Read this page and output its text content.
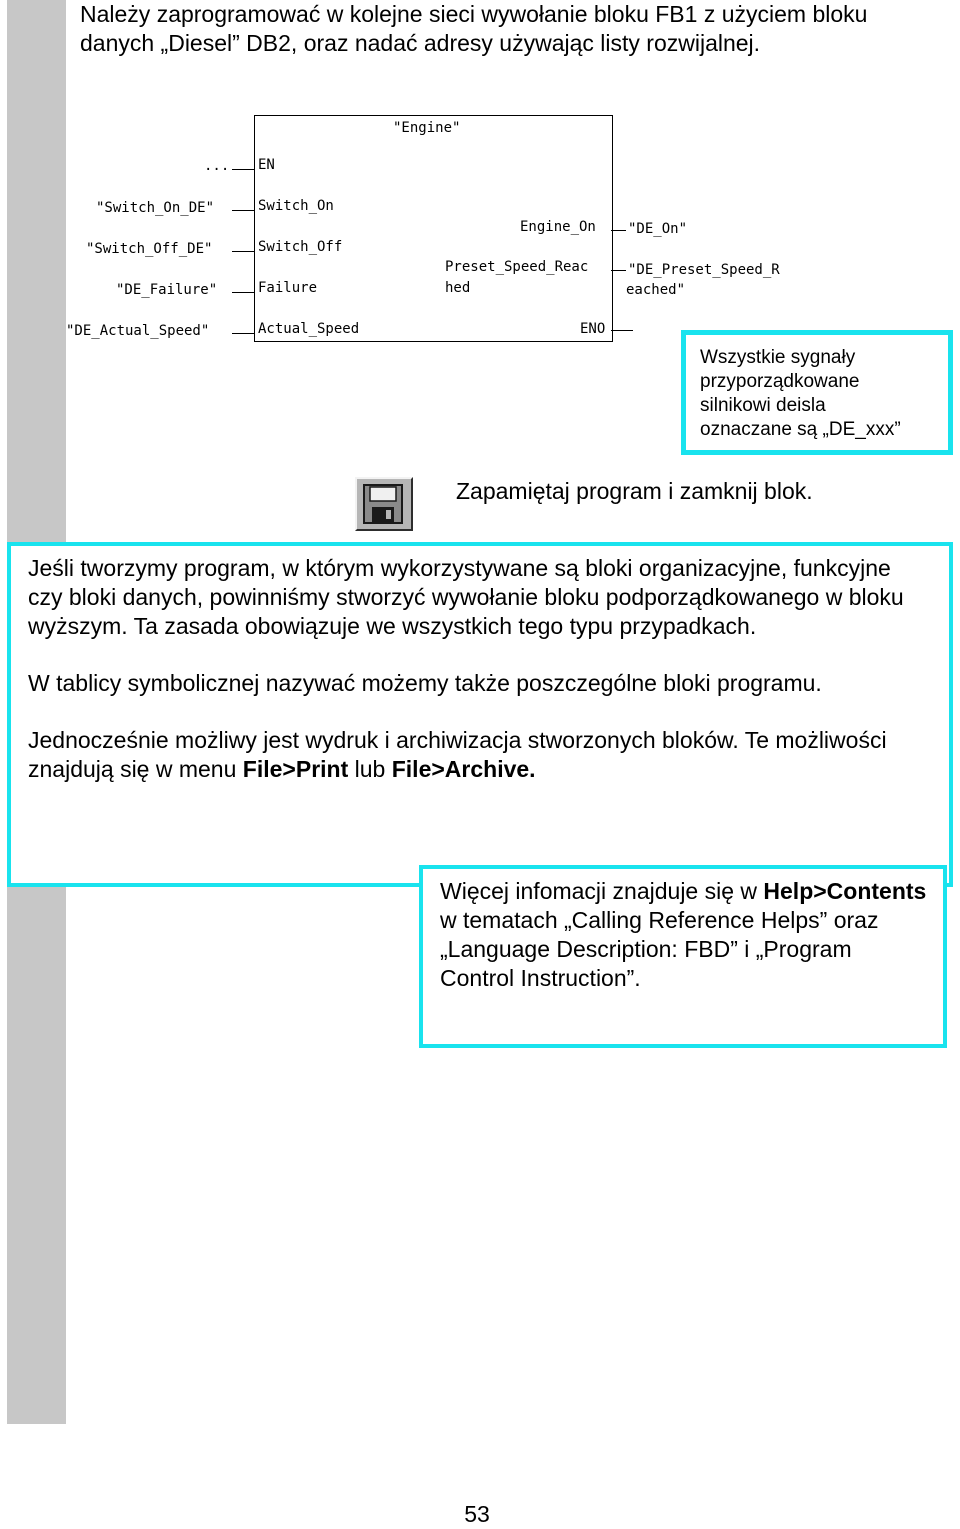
Należy zaprogramować w kolejne sieci wywołanie bloku FB1 z użyciem bloku
danych „Diesel” DB2, oraz nadać adresy używając listy rozwijalnej.
"Engine"
... EN
"Switch_On_DE"	Switch_On
"Switch_Off_DE"	Switch_Off
"DE_Failure"	Failure
"DE_Actual_Speed"	Actual_Speed
Engine_On "DE_On"
Preset_Speed_Reac
hed
"DE_Preset_Speed_R
eached"
ENO
Wszystkie sygnały
przyporządkowane
silnikowi deisla
oznaczane są „DE_xxx”
Zapamiętaj program i zamknij blok.

Jeśli tworzymy program, w którym wykorzystywane są bloki organizacyjne, funkcyjne czy bloki danych, powinniśmy stworzyć wywołanie bloku podporządkowanego w bloku wyższym. Ta zasada obowiązuje we wszystkich tego typu przypadkach.

W tablicy symbolicznej nazywać możemy także poszczególne bloki programu.

Jednocześnie możliwy jest wydruk i archiwizacja stworzonych bloków. Te możliwości znajdują się w menu File>Print lub File>Archive.

Więcej infomacji znajduje się w Help>Contents w tematach „Calling Reference Helps” oraz „Language Description: FBD” i „Program Control Instruction”.
53
